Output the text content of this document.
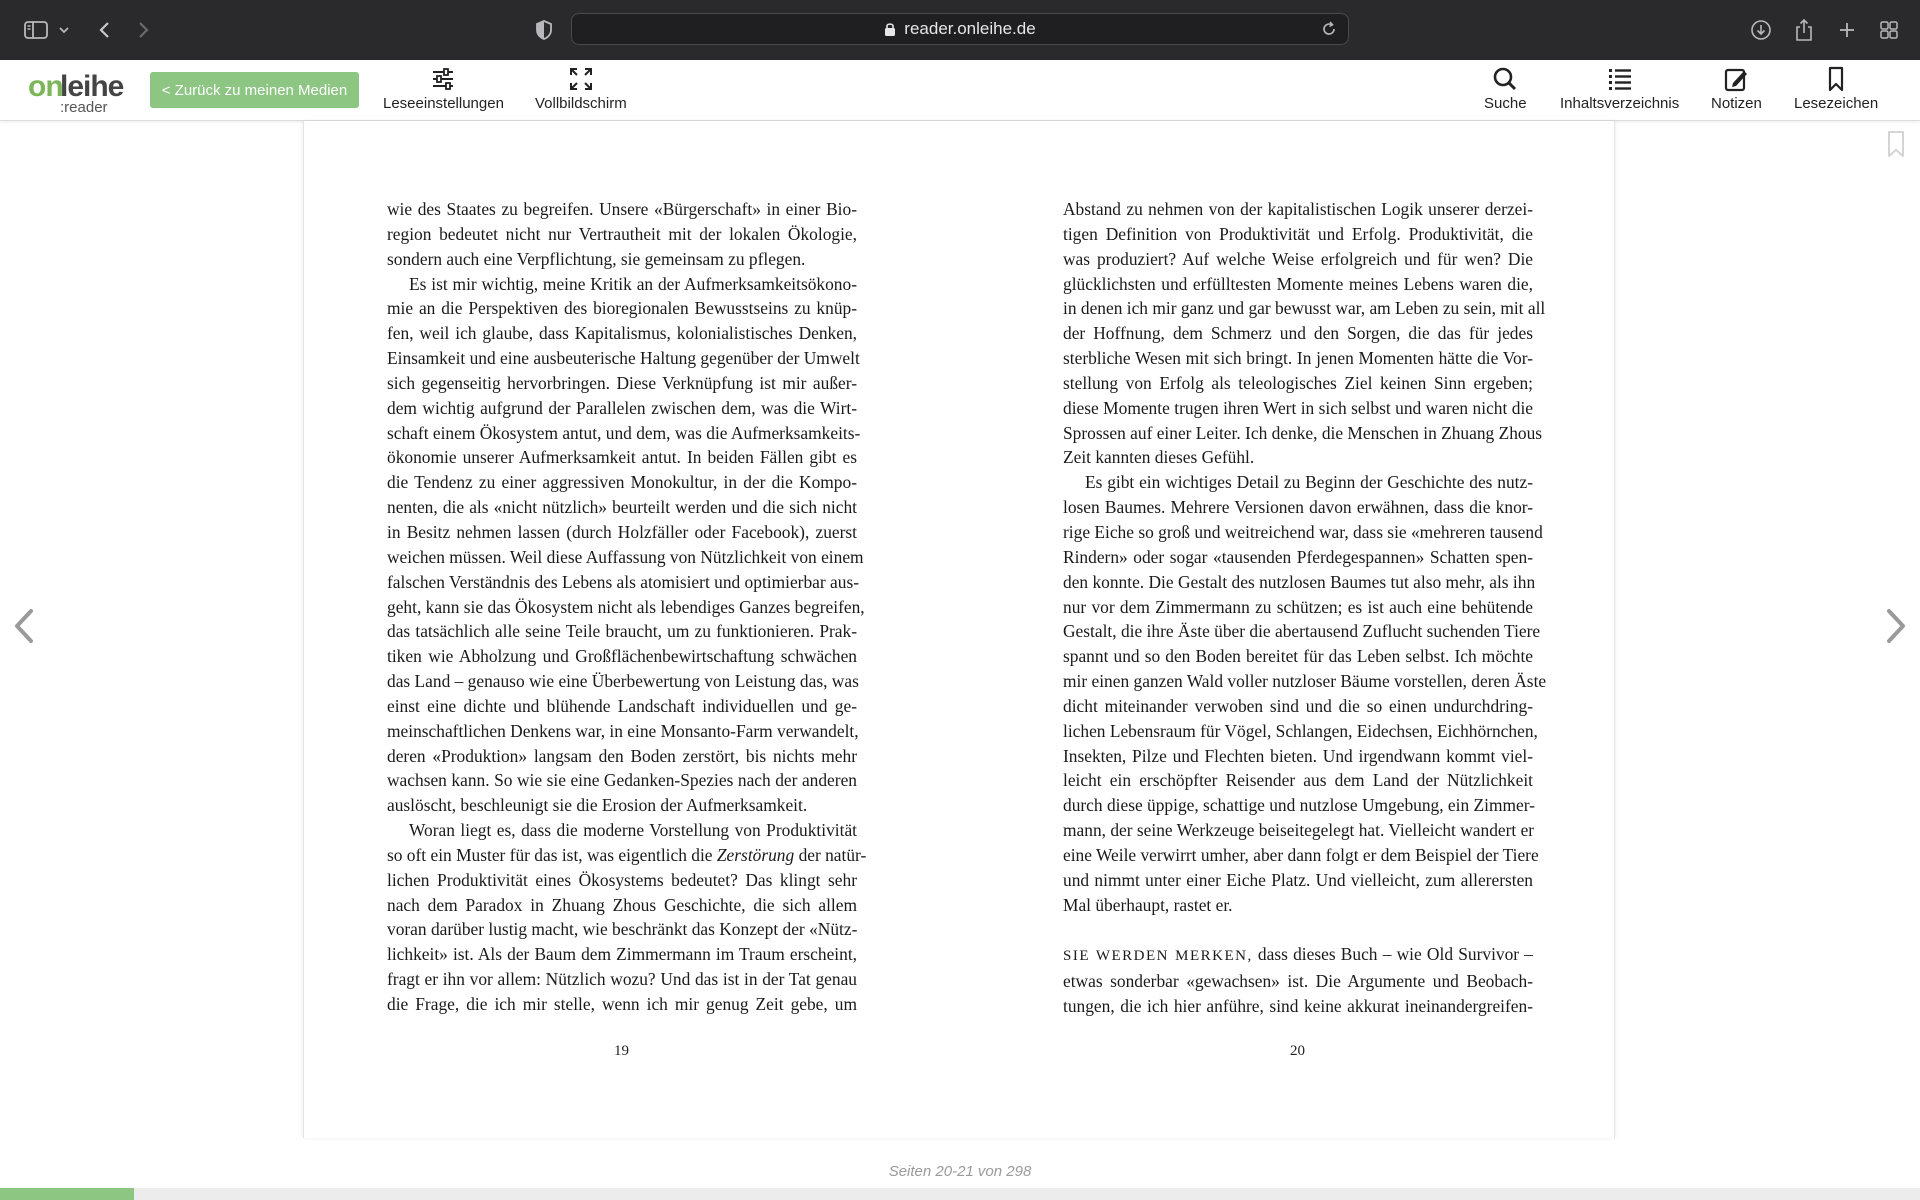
reader.onleihe.de
on
leihe
:reader
< Zurück zu meinen Medien
Leseeinstellungen Vollbildschirm	Suche Inhaltsverzeichnis Notizen Lesezeichen
wie des Staates zu begreifen. Unsere «Bürgerschaft» in einer Bio-
region bedeutet nicht nur Vertrautheit mit der lokalen Ökologie,
sondern auch eine Verpflichtung, sie gemeinsam zu pflegen.
Es ist mir wichtig, meine Kritik an der Aufmerksamkeitsökono-
mie an die Perspektiven des bioregionalen Bewusstseins zu knüp-
fen, weil ich glaube, dass Kapitalismus, kolonialistisches Denken,
Einsamkeit und eine ausbeuterische Haltung gegenüber der Umwelt
sich gegenseitig hervorbringen. Diese Verknüpfung ist mir außer-
dem wichtig aufgrund der Parallelen zwischen dem, was die Wirt-
schaft einem Ökosystem antut, und dem, was die Aufmerksamkeits-
ökonomie unserer Aufmerksamkeit antut. In beiden Fällen gibt es
die Tendenz zu einer aggressiven Monokultur, in der die Kompo-
nenten, die als «nicht nützlich» beurteilt werden und die sich nicht
in Besitz nehmen lassen (durch Holzfäller oder Facebook), zuerst
weichen müssen. Weil diese Auffassung von Nützlichkeit von einem
falschen Verständnis des Lebens als atomisiert und optimierbar aus-
geht, kann sie das Ökosystem nicht als lebendiges Ganzes begreifen,
das tatsächlich alle seine Teile braucht, um zu funktionieren. Prak-
tiken wie Abholzung und Großflächenbewirtschaftung schwächen
das Land – genauso wie eine Überbewertung von Leistung das, was
einst eine dichte und blühende Landschaft individuellen und ge-
meinschaftlichen Denkens war, in eine Monsanto-Farm verwandelt,
deren «Produktion» langsam den Boden zerstört, bis nichts mehr
wachsen kann. So wie sie eine Gedanken-Spezies nach der anderen
auslöscht, beschleunigt sie die Erosion der Aufmerksamkeit.
Woran liegt es, dass die moderne Vorstellung von Produktivität
so oft ein Muster für das ist, was eigentlich die Zerstörung der natür-
lichen Produktivität eines Ökosystems bedeutet? Das klingt sehr
nach dem Paradox in Zhuang Zhous Geschichte, die sich allem
voran darüber lustig macht, wie beschränkt das Konzept der «Nütz-
lichkeit» ist. Als der Baum dem Zimmermann im Traum erscheint,
fragt er ihn vor allem: Nützlich wozu? Und das ist in der Tat genau
die Frage, die ich mir stelle, wenn ich mir genug Zeit gebe, um
19
Abstand zu nehmen von der kapitalistischen Logik unserer derzei-
tigen Definition von Produktivität und Erfolg. Produktivität, die
was produziert? Auf welche Weise erfolgreich und für wen? Die
glücklichsten und erfülltesten Momente meines Lebens waren die,
in denen ich mir ganz und gar bewusst war, am Leben zu sein, mit all
der Hoffnung, dem Schmerz und den Sorgen, die das für jedes
sterbliche Wesen mit sich bringt. In jenen Momenten hätte die Vor-
stellung von Erfolg als teleologisches Ziel keinen Sinn ergeben;
diese Momente trugen ihren Wert in sich selbst und waren nicht die
Sprossen auf einer Leiter. Ich denke, die Menschen in Zhuang Zhous
Zeit kannten dieses Gefühl.
Es gibt ein wichtiges Detail zu Beginn der Geschichte des nutz-
losen Baumes. Mehrere Versionen davon erwähnen, dass die knor-
rige Eiche so groß und weitreichend war, dass sie «mehreren tausend
Rindern» oder sogar «tausenden Pferdegespannen» Schatten spen-
den konnte. Die Gestalt des nutzlosen Baumes tut also mehr, als ihn
nur vor dem Zimmermann zu schützen; es ist auch eine behütende
Gestalt, die ihre Äste über die abertausend Zuflucht suchenden Tiere
spannt und so den Boden bereitet für das Leben selbst. Ich möchte
mir einen ganzen Wald voller nutzloser Bäume vorstellen, deren Äste
dicht miteinander verwoben sind und die so einen undurchdring-
lichen Lebensraum für Vögel, Schlangen, Eidechsen, Eichhörnchen,
Insekten, Pilze und Flechten bieten. Und irgendwann kommt viel-
leicht ein erschöpfter Reisender aus dem Land der Nützlichkeit
durch diese üppige, schattige und nutzlose Umgebung, ein Zimmer-
mann, der seine Werkzeuge beiseitegelegt hat. Vielleicht wandert er
eine Weile verwirrt umher, aber dann folgt er dem Beispiel der Tiere
und nimmt unter einer Eiche Platz. Und vielleicht, zum allerersten
Mal überhaupt, rastet er.

SIE WERDEN MERKEN, dass dieses Buch – wie Old Survivor –
etwas sonderbar «gewachsen» ist. Die Argumente und Beobach-
tungen, die ich hier anführe, sind keine akkurat ineinandergreifen-
20
Seiten 20-21 von 298
